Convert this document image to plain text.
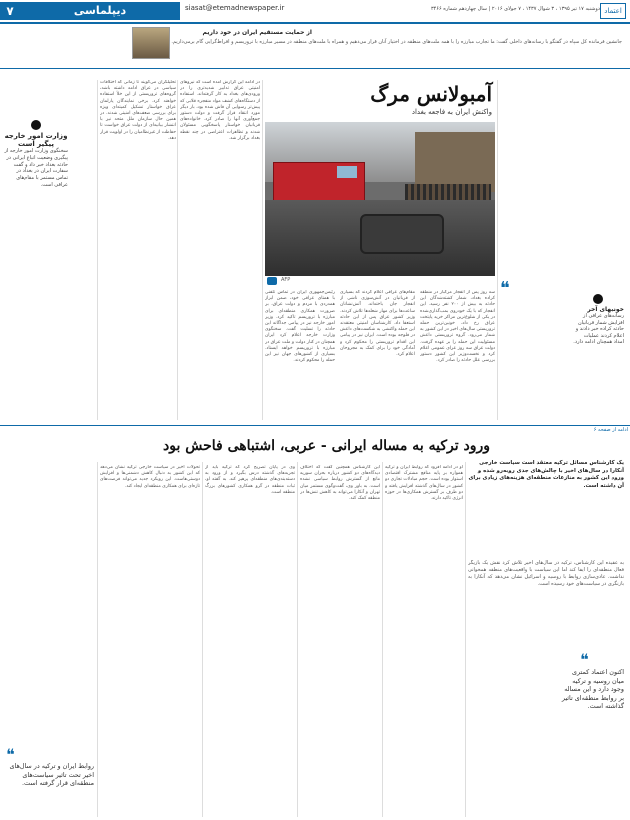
۷	دیپلماسی	siasat@etemadnewspaper.ir	دوشنبه ۱۷ تیر ۱۳۹۵ ، ۳ شوال ۱۴۳۷ ، ۷ جولای ۲۰۱۶ | سال چهاردهم شماره ۳۴۶۶ اعتماد
از حمایت مستقیم ایران در خود داریم
جانشین فرمانده کل سپاه در گفتگو با رسانه‌های داخلی گفت: ما تجارب مبارزه را با همه ملت‌های منطقه در اختیار آنان قرار می‌دهیم و همراه با ملت‌های منطقه در مسیر مبارزه با تروریسم و افراط‌گرایی گام برمی‌داریم.
آمبولانس مرگ
واکنش ایران به فاجعه بغداد
AFP
در ادامه این گزارش آمده است که نیروهای امنیتی عراق تدابیر شدیدتری را در ورودی‌های بغداد به کار گرفته‌اند. استفاده از دستگاه‌های کشف مواد منفجره قلابی که پیش‌تر رسوایی آن فاش شده بود، بار دیگر مورد انتقاد قرار گرفت و دولت دستور جمع‌آوری آنها را صادر کرد. خانواده‌های قربانیان خواستار پاسخگویی مسئولان شدند و تظاهرات اعتراضی در چند نقطه بغداد برگزار شد.
تحلیلگران می‌گویند تا زمانی که اختلافات سیاسی در عراق ادامه داشته باشد، گروه‌های تروریستی از این خلأ استفاده خواهند کرد. برخی نمایندگان پارلمان عراق خواستار تشکیل کمیته‌ای ویژه برای بررسی ضعف‌های امنیتی شدند. در همین حال سازمان ملل متحد نیز با انتشار بیانیه‌ای از دولت عراق خواست تا حفاظت از غیرنظامیان را در اولویت قرار دهد.
رئیس‌جمهوری ایران در تماس تلفنی با همتای عراقی خود، ضمن ابراز همدردی با مردم و دولت عراق، بر ضرورت همکاری منطقه‌ای برای مبارزه با تروریسم تاکید کرد. وزیر امور خارجه نیز در پیامی جداگانه این حادثه را تسلیت گفت. سخنگوی وزارت خارجه اعلام کرد ایران همچنان در کنار دولت و ملت عراق در مبارزه با تروریسم خواهد ایستاد. بسیاری از کشورهای جهان نیز این حمله را محکوم کردند.
مقام‌های عراقی اعلام کردند که بسیاری از قربانیان در آتش‌سوزی ناشی از انفجار جان باخته‌اند. آتش‌نشانان ساعت‌ها برای مهار شعله‌ها تلاش کردند. وزیر کشور عراق پس از این حادثه استعفا داد. کارشناسان امنیتی معتقدند این حمله واکنشی به شکست‌های داعش در فلوجه بوده است. ایران نیز در پیامی این اقدام تروریستی را محکوم کرد و آمادگی خود را برای کمک به مجروحان اعلام کرد.
سه روز پس از انفجار مرگبار در منطقه کراده بغداد، شمار کشته‌شدگان این حادثه به بیش از ۲۰۰ نفر رسید. این انفجار که با یک خودروی بمب‌گذاری‌شده در یکی از شلوغ‌ترین مراکز خرید پایتخت عراق رخ داد، خونین‌ترین حمله تروریستی سال‌های اخیر در این کشور به شمار می‌رود. گروه تروریستی داعش مسئولیت این حمله را بر عهده گرفت. دولت عراق سه روز عزای عمومی اعلام کرد و نخست‌وزیر این کشور دستور بررسی علل حادثه را صادر کرد.
وزارت امور خارجه پیگیر است
سخنگوی وزارت امور خارجه از پیگیری وضعیت اتباع ایرانی در حادثه بغداد خبر داد و گفت سفارت ایران در بغداد در تماس مستمر با مقام‌های عراقی است.
خونبهای آخر
رسانه‌های عراقی از افزایش شمار قربانیان حادثه کراده خبر دادند و اعلام کردند عملیات امداد همچنان ادامه دارد.
❝
ادامه از صفحه ۶
ورود ترکیه به مساله ایرانی - عربی، اشتباهی فاحش بود
یک کارشناس مسائل ترکیه معتقد است سیاست خارجی آنکارا در سال‌های اخیر با چالش‌های جدی روبه‌رو شده و ورود این کشور به منازعات منطقه‌ای هزینه‌های زیادی برای آن داشته است.
به عقیده این کارشناس، ترکیه در سال‌های اخیر تلاش کرد نقش یک بازیگر فعال منطقه‌ای را ایفا کند اما این سیاست با واقعیت‌های منطقه همخوانی نداشت. عادی‌سازی روابط با روسیه و اسرائیل نشان می‌دهد که آنکارا به بازنگری در سیاست‌های خود رسیده است.
او در ادامه افزود که روابط ایران و ترکیه همواره بر پایه منافع مشترک اقتصادی استوار بوده است. حجم مبادلات تجاری دو کشور در سال‌های گذشته افزایش یافته و دو طرف بر گسترش همکاری‌ها در حوزه انرژی تاکید دارند.
این کارشناس همچنین گفت که اختلاف دیدگاه‌های دو کشور درباره بحران سوریه مانع از گسترش روابط سیاسی نشده است. به باور وی، گفت‌وگوی مستمر میان تهران و آنکارا می‌تواند به کاهش تنش‌ها در منطقه کمک کند.
وی در پایان تصریح کرد که ترکیه باید از تجربه‌های گذشته درس بگیرد و از ورود به دسته‌بندی‌های منطقه‌ای پرهیز کند. به گفته او، ثبات منطقه در گرو همکاری کشورهای بزرگ منطقه است.
تحولات اخیر در سیاست خارجی ترکیه نشان می‌دهد که این کشور به دنبال کاهش دشمنی‌ها و افزایش دوستی‌هاست. این رویکرد جدید می‌تواند فرصت‌های تازه‌ای برای همکاری منطقه‌ای ایجاد کند.
❝
روابط ایران و ترکیه در سال‌های اخیر تحت تاثیر سیاست‌های منطقه‌ای قرار گرفته است.
❝
اکنون اعتماد کمتری میان روسیه و ترکیه وجود دارد و این مساله بر روابط منطقه‌ای تاثیر گذاشته است.
